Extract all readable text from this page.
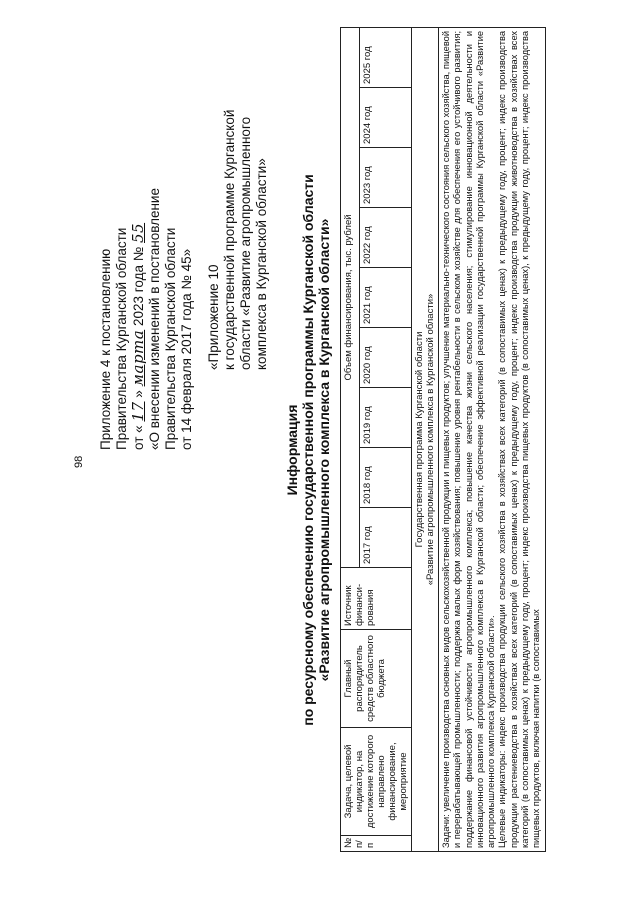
98
Приложение 4 к постановлению Правительства Курганской области от « 17 » марта 2023 года № 55 «О внесении изменений в постановление Правительства Курганской области от 14 февраля 2017 года № 45» «Приложение 10 к государственной программе Курганской области «Развитие агропромышленного комплекса в Курганской области»
Информация по ресурсному обеспечению государственной программы Курганской области «Развитие агропромышленного комплекса в Курганской области»
№ п/п	Задача, целевой индикатор, на достижение которого направлено финансирование, мероприятие	Главный распорядитель средств областного бюджета	Источник финанси-рования	Объем финансирования, тыс. рублей								
				2017 год	2018 год	2019 год	2020 год	2021 год	2022 год	2023 год	2024 год	2025 год

Государственная программа Курганской области «Развитие агропромышленного комплекса в Курганской области»												

Задачи: увеличение производства основных видов сельскохозяйственной продукции и пищевых продуктов; улучшение материально-технического состояния сельского хозяйства, пищевой и перерабатывающей промышленности; поддержка малых форм хозяйствования; повышение уровня рентабельности в сельском хозяйстве для обеспечения его устойчивого развития; поддержание финансовой устойчивости агропромышленного комплекса; повышение качества жизни сельского населения; стимулирование инновационной деятельности и инновационного развития агропромышленного комплекса в Курганской области; обеспечение эффективной реализации государственной программы Курганской области «Развитие агропромышленного комплекса Курганской области». Целевые индикаторы: индекс производства продукции сельского хозяйства в хозяйствах всех категорий (в сопоставимых ценах) к предыдущему году, процент; индекс производства продукции растениеводства в хозяйствах всех категорий (в сопоставимых ценах) к предыдущему году, процент; индекс производства продукции животноводства в хозяйствах всех категорий (в сопоставимых ценах) к предыдущему году, процент; индекс производства пищевых продуктов (в сопоставимых ценах), к предыдущему году, процент; индекс производства пищевых продуктов, включая напитки (в сопоставимых												
